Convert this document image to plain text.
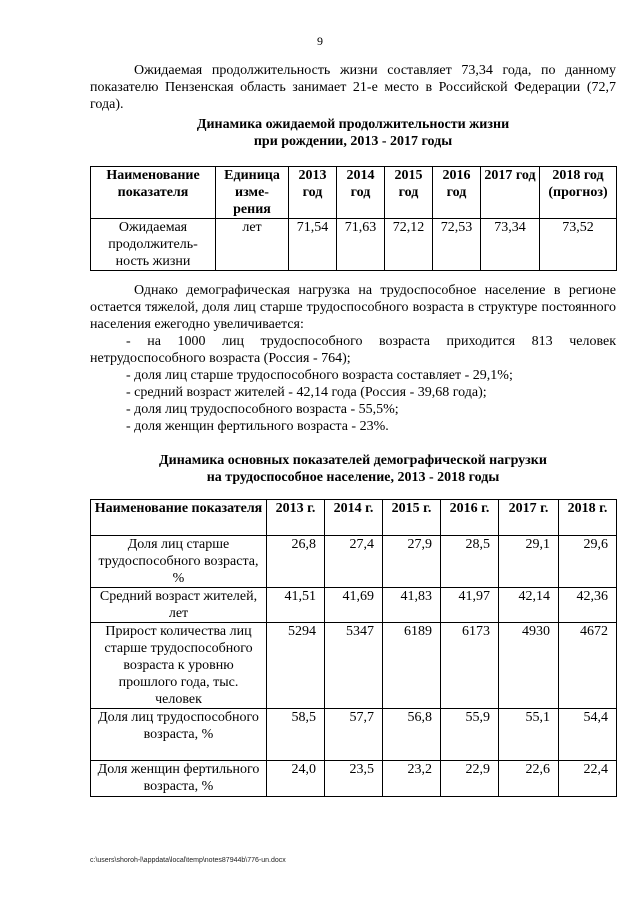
9

Ожидаемая продолжительность жизни составляет 73,34 года, по данному показателю Пензенская область занимает 21-е место в Российской Федерации (72,7 года).

Динамика ожидаемой продолжительности жизни
при рождении, 2013 - 2017 годы
Наименование показателя	Единица изме-рения	2013 год	2014 год	2015 год	2016 год	2017 год	2018 год (прогноз)
Ожидаемая продолжитель-ность жизни	лет	71,54	71,63	72,12	72,53	73,34	73,52

Однако демографическая нагрузка на трудоспособное население в регионе остается тяжелой, доля лиц старше трудоспособного возраста в структуре постоянного населения ежегодно увеличивается:

- на 1000 лиц трудоспособного возраста приходится 813 человек нетрудоспособного возраста (Россия - 764);
- доля лиц старше трудоспособного возраста составляет - 29,1%;
- средний возраст жителей - 42,14 года (Россия - 39,68 года);
- доля лиц трудоспособного возраста - 55,5%;
- доля женщин фертильного возраста - 23%.
Динамика основных показателей демографической нагрузки
на трудоспособное население, 2013 - 2018 годы
Наименование показателя	2013 г.	2014 г.	2015 г.	2016 г.	2017 г.	2018 г.
Доля лиц старше трудоспособного возраста, %	26,8	27,4	27,9	28,5	29,1	29,6
Средний возраст жителей, лет	41,51	41,69	41,83	41,97	42,14	42,36
Прирост количества лиц старше трудоспособного возраста к уровню прошлого года, тыс. человек	5294	5347	6189	6173	4930	4672
Доля лиц трудоспособного возраста, %	58,5	57,7	56,8	55,9	55,1	54,4
Доля женщин фертильного возраста, %	24,0	23,5	23,2	22,9	22,6	22,4
c:\users\shoroh-l\appdata\local\temp\notes87944b\776-un.docx
